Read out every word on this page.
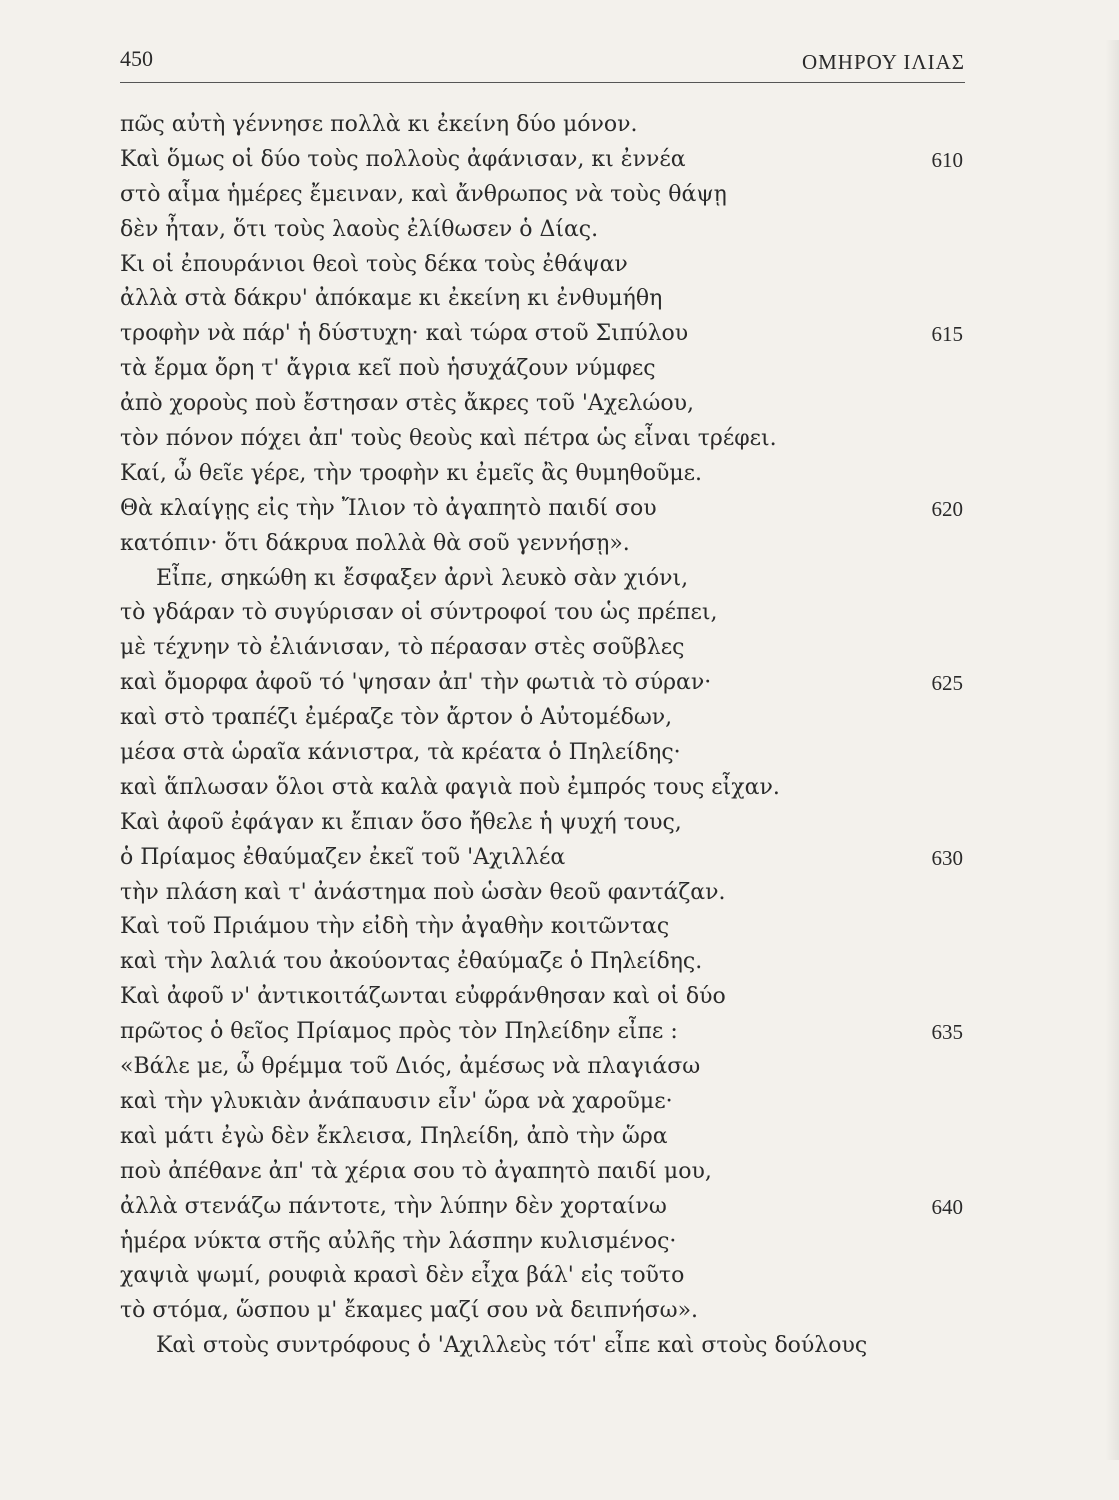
450	ΟΜΗΡΟΥ ΙΛΙΑΣ
πῶς αὐτὴ γέννησε πολλὰ κι ἐκείνη δύο μόνον.
Καὶ ὅμως οἱ δύο τοὺς πολλοὺς ἀφάνισαν, κι ἐννέα	610
στὸ αἷμα ἡμέρες ἔμειναν, καὶ ἄνθρωπος νὰ τοὺς θάψῃ
δὲν ἦταν, ὅτι τοὺς λαοὺς ἐλίθωσεν ὁ Δίας.
Κι οἱ ἐπουράνιοι θεοὶ τοὺς δέκα τοὺς ἐθάψαν
ἀλλὰ στὰ δάκρυ' ἀπόκαμε κι ἐκείνη κι ἐνθυμήθη
τροφὴν νὰ πάρ' ἡ δύστυχη· καὶ τώρα στοῦ Σιπύλου	615
τὰ ἔρμα ὄρη τ' ἄγρια κεῖ ποὺ ἡσυχάζουν νύμφες
ἀπὸ χοροὺς ποὺ ἔστησαν στὲς ἄκρες τοῦ 'Αχελώου,
τὸν πόνον πόχει ἀπ' τοὺς θεοὺς καὶ πέτρα ὡς εἶναι τρέφει.
Καί, ὦ θεῖε γέρε, τὴν τροφὴν κι ἐμεῖς ἂς θυμηθοῦμε.
Θὰ κλαίγῃς εἰς τὴν Ἴλιον τὸ ἀγαπητὸ παιδί σου	620
κατόπιν· ὅτι δάκρυα πολλὰ θὰ σοῦ γεννήσῃ».
Εἶπε, σηκώθη κι ἔσφαξεν ἀρνὶ λευκὸ σὰν χιόνι,
τὸ γδάραν τὸ συγύρισαν οἱ σύντροφοί του ὡς πρέπει,
μὲ τέχνην τὸ ἐλιάνισαν, τὸ πέρασαν στὲς σοῦβλες
καὶ ὄμορφα ἀφοῦ τό 'ψησαν ἀπ' τὴν φωτιὰ τὸ σύραν·	625
καὶ στὸ τραπέζι ἐμέραζε τὸν ἄρτον ὁ Αὐτομέδων,
μέσα στὰ ὡραῖα κάνιστρα, τὰ κρέατα ὁ Πηλείδης·
καὶ ἅπλωσαν ὅλοι στὰ καλὰ φαγιὰ ποὺ ἐμπρός τους εἶχαν.
Καὶ ἀφοῦ ἐφάγαν κι ἔπιαν ὅσο ἤθελε ἡ ψυχή τους,
ὁ Πρίαμος ἐθαύμαζεν ἐκεῖ τοῦ 'Αχιλλέα	630
τὴν πλάση καὶ τ' ἀνάστημα ποὺ ὡσὰν θεοῦ φαντάζαν.
Καὶ τοῦ Πριάμου τὴν εἰδὴ τὴν ἀγαθὴν κοιτῶντας
καὶ τὴν λαλιά του ἀκούοντας ἐθαύμαζε ὁ Πηλείδης.
Καὶ ἀφοῦ ν' ἀντικοιτάζωνται εὐφράνθησαν καὶ οἱ δύο
πρῶτος ὁ θεῖος Πρίαμος πρὸς τὸν Πηλείδην εἶπε :	635
«Βάλε με, ὦ θρέμμα τοῦ Διός, ἀμέσως νὰ πλαγιάσω
καὶ τὴν γλυκιὰν ἀνάπαυσιν εἶν' ὥρα νὰ χαροῦμε·
καὶ μάτι ἐγὼ δὲν ἔκλεισα, Πηλείδη, ἀπὸ τὴν ὥρα
ποὺ ἀπέθανε ἀπ' τὰ χέρια σου τὸ ἀγαπητὸ παιδί μου,
ἀλλὰ στενάζω πάντοτε, τὴν λύπην δὲν χορταίνω	640
ἡμέρα νύκτα στῆς αὐλῆς τὴν λάσπην κυλισμένος·
χαψιὰ ψωμί, ρουφιὰ κρασὶ δὲν εἶχα βάλ' εἰς τοῦτο
τὸ στόμα, ὥσπου μ' ἔκαμες μαζί σου νὰ δειπνήσω».
Καὶ στοὺς συντρόφους ὁ 'Αχιλλεὺς τότ' εἶπε καὶ στοὺς δούλους
